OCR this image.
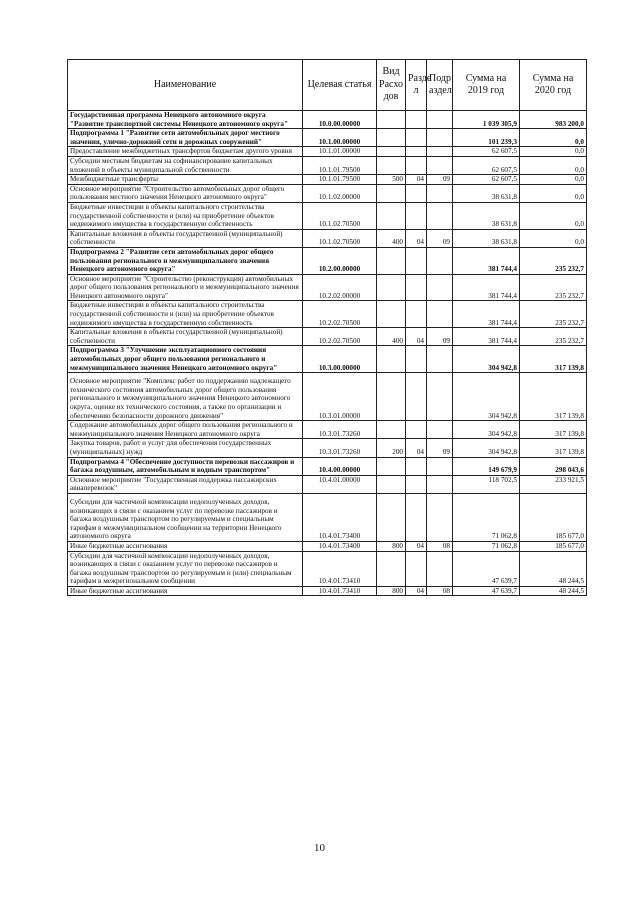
Наименование	Целевая статья	Вид Расхо дов	Разде л	Подр аздел	Сумма на 2019 год	Сумма на 2020 год

Государственная программа Ненецкого автономного округа "Развитие транспортной системы Ненецкого автономного округа"	10.0.00.00000				1 039 305,9	983 200,0

Подпрограмма 1 "Развитие сети автомобильных дорог местного значения, улично-дорожной сети и дорожных сооружений"	10.1.00.00000				101 239,3	0,0

Предоставление межбюджетных трансфертов бюджетам другого уровня	10.1.01.00000				62 607,5	0,0

Субсидии местным бюджетам на софинансирование капитальных вложений в объекты муниципальной собственности	10.1.01.79500				62 607,5	0,0

Межбюджетные трансферты	10.1.01.79500	500	04	09	62 607,5	0,0

Основное мероприятие "Строительство автомобильных дорог общего пользования местного значения Ненецкого автономного округа"	10.1.02.00000				38 631,8	0,0

Бюджетные инвестиции в объекты капитального строительства государственной собственности и (или) на приобретение объектов недвижимого имущества в государственную собственность	10.1.02.70500				38 631,8	0,0

Капитальные вложения в объекты государственной (муниципальной) собственности	10.1.02.70500	400	04	09	38 631,8	0,0

Подпрограмма 2 "Развитие сети автомобильных дорог общего пользования регионального и межмуниципального значения Ненецкого автономного округа"	10.2.00.00000				381 744,4	235 232,7

Основное мероприятие "Строительство (реконструкция) автомобильных дорог общего пользования регионального и межмуниципального значения Ненецкого автономного округа"	10.2.02.00000				381 744,4	235 232,7

Бюджетные инвестиции в объекты капитального строительства государственной собственности и (или) на приобретение объектов недвижимого имущества в государственную собственность	10.2.02.70500				381 744,4	235 232,7

Капитальные вложения в объекты государственной (муниципальной) собственности	10.2.02.70500	400	04	09	381 744,4	235 232,7

Подпрограмма 3 "Улучшение эксплуатационного состояния автомобильных дорог общего пользования регионального и межмуниципального значения Ненецкого автономного округа"	10.3.00.00000				304 942,8	317 139,8

Основное мероприятие "Комплекс работ по поддержанию надлежащего технического состояния автомобильных дорог общего пользования регионального и межмуниципального значения Ненецкого автономного округа, оценке их технического состояния, а также по организации и обеспечению безопасности дорожного движения"	10.3.01.00000				304 942,8	317 139,8

Содержание автомобильных дорог общего пользования регионального и межмуниципального значения Ненецкого автономного округа	10.3.01.73260				304 942,8	317 139,8

Закупка товаров, работ и услуг для обеспечения государственных (муниципальных) нужд	10.3.01.73260	200	04	09	304 942,8	317 139,8

Подпрограмма 4 "Обеспечение доступности перевозки пассажиров и багажа воздушным, автомобильным и водным транспортом"	10.4.00.00000				149 679,9	298 043,6

Основное мероприятие "Государственная поддержка пассажирских авиаперевозок"	10.4.01.00000				118 702,5	233 921,5

Субсидии для частичной компенсации недополученных доходов, возникающих в связи с оказанием услуг по перевозке пассажиров и багажа воздушным транспортом по регулируемым и специальным тарифам в межмуниципальном сообщении на территории Ненецкого автономного округа	10.4.01.73400				71 062,8	185 677,0

Иные бюджетные ассигнования	10.4.01.73400	800	04	08	71 062,8	185 677,0

Субсидии для частичной компенсации недополученных доходов, возникающих в связи с оказанием услуг по перевозке пассажиров и багажа воздушным транспортом по регулируемым и (или) специальным тарифам в межрегиональном сообщении	10.4.01.73410				47 639,7	48 244,5

Иные бюджетные ассигнования	10.4.01.73410	800	04	08	47 639,7	48 244,5
10
